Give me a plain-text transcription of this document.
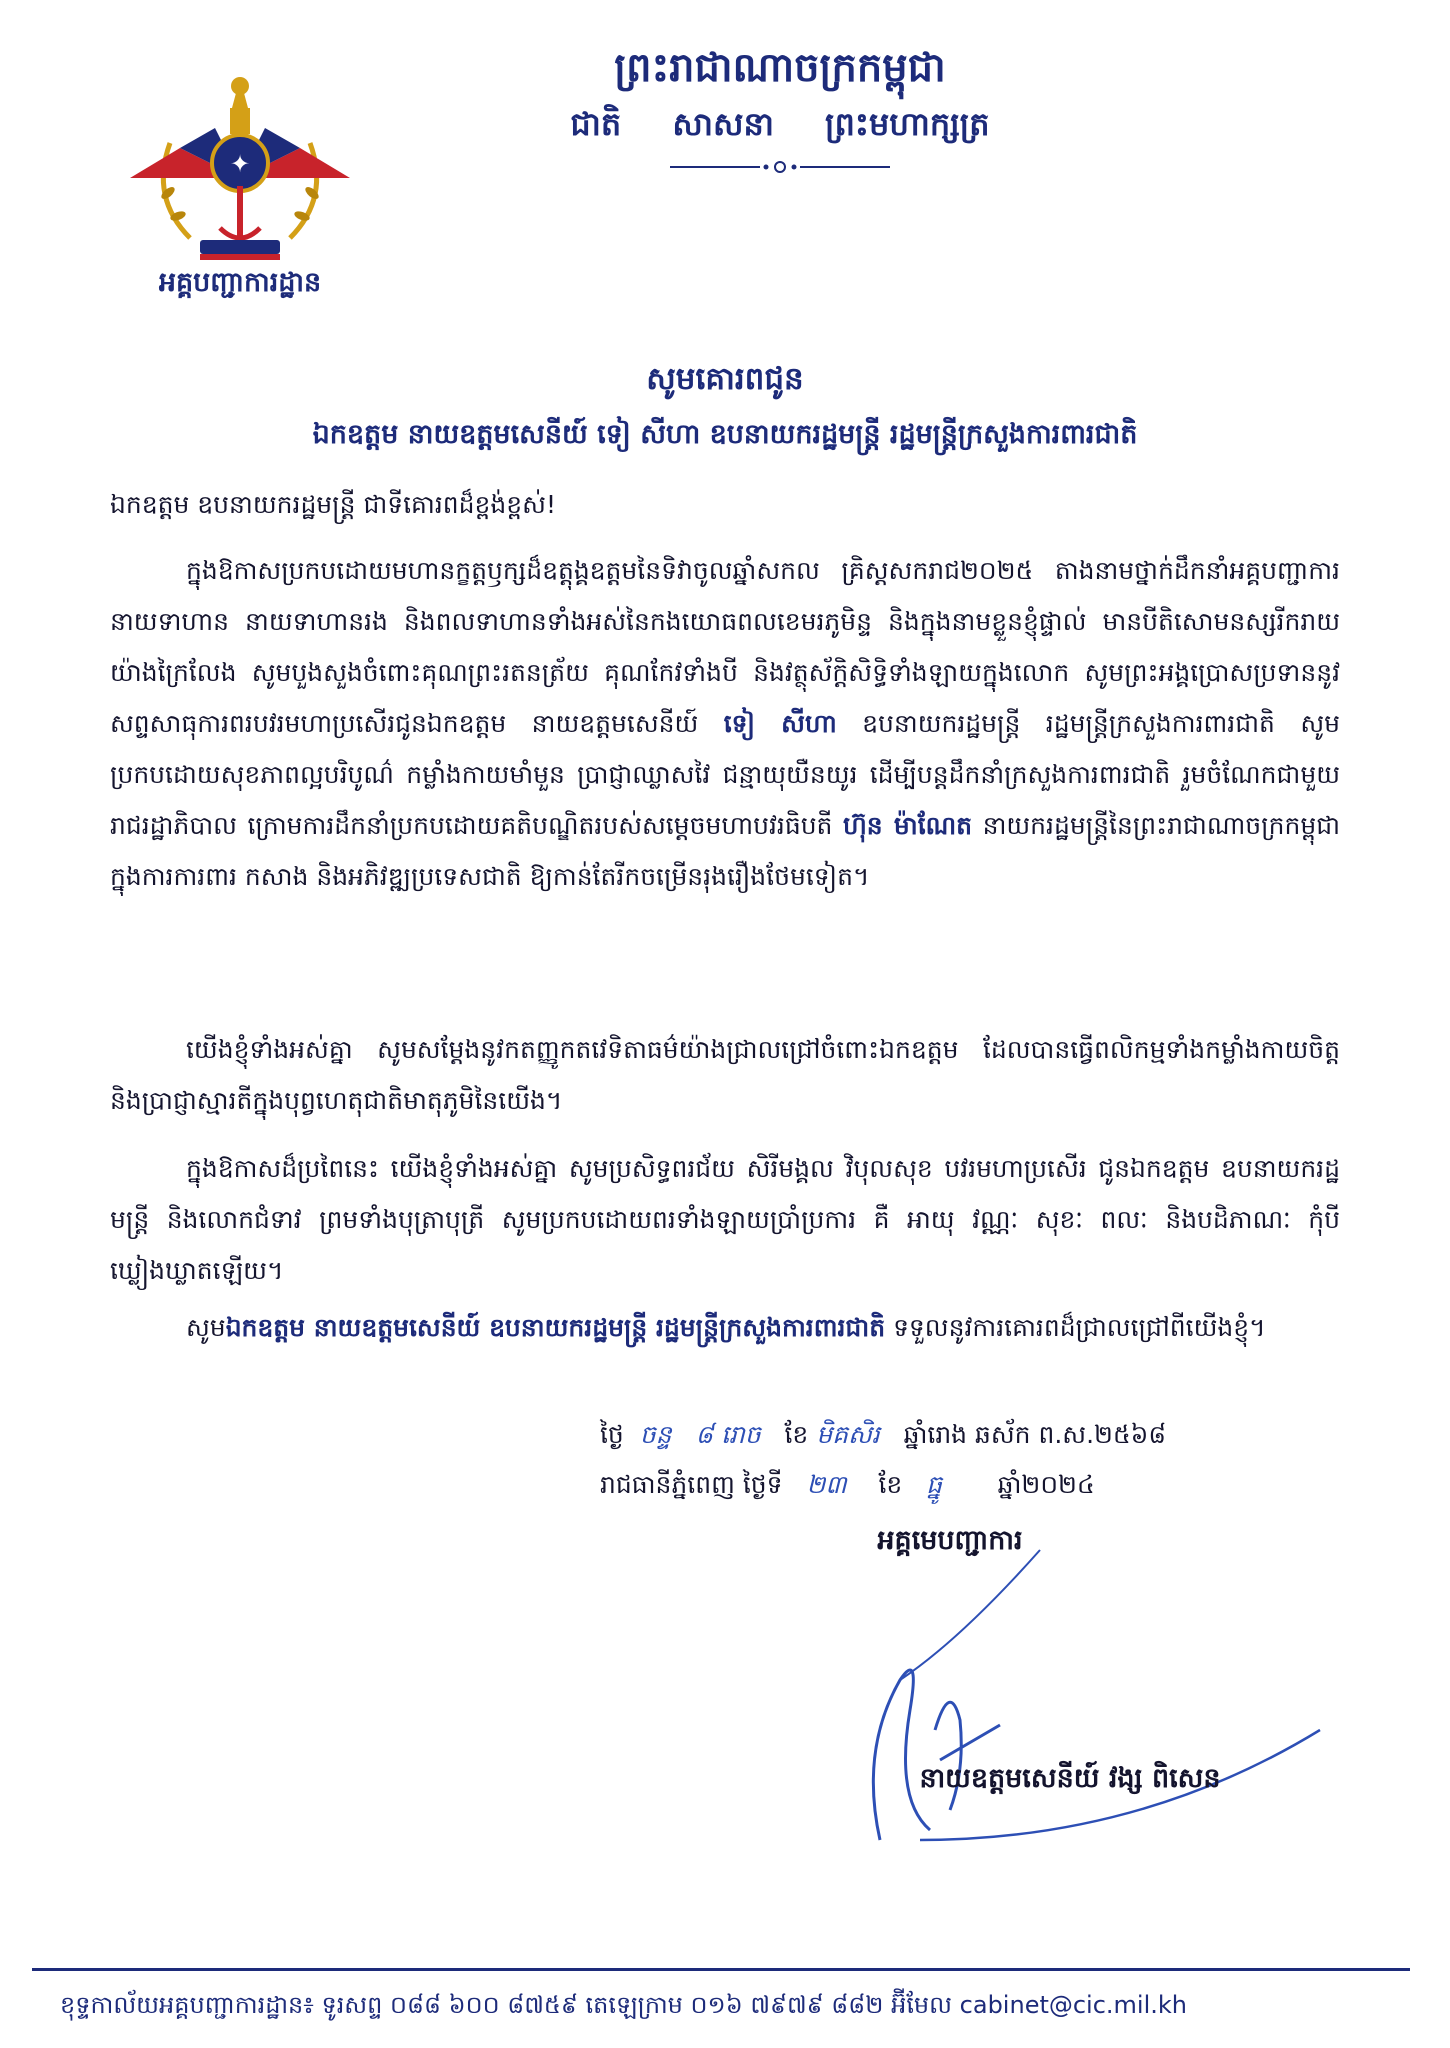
✦
អគ្គបញ្ជាការដ្ឋាន
ព្រះរាជាណាចក្រកម្ពុជា
ជាតិ សាសនា ព្រះមហាក្សត្រ
សូមគោរពជូន
ឯកឧត្តម នាយឧត្តមសេនីយ៍ ទៀ សីហា ឧបនាយករដ្ឋមន្ត្រី រដ្ឋមន្ត្រីក្រសួងការពារជាតិ
ឯកឧត្តម ឧបនាយករដ្ឋមន្ត្រី ជាទីគោរពដ៏ខ្ពង់ខ្ពស់!
ក្នុងឱកាសប្រកបដោយមហានក្ខត្តឫក្សដ៏ឧត្តុង្គឧត្តមនៃទិវាចូលឆ្នាំសកល គ្រិស្តសករាជ២០២៥ តាងនាមថ្នាក់ដឹកនាំអគ្គបញ្ជាការ នាយទាហាន នាយទាហានរង និងពលទាហានទាំងអស់នៃកងយោធពលខេមរភូមិន្ទ និងក្នុងនាមខ្លួនខ្ញុំផ្ទាល់ មានបីតិសោមនស្សរីករាយយ៉ាងក្រៃលែង សូមបួងសួងចំពោះគុណព្រះរតនត្រ័យ គុណកែវទាំងបី និងវត្ថុស័ក្តិសិទ្ធិទាំងឡាយក្នុងលោក សូមព្រះអង្គប្រោសប្រទាននូវសព្ទសាធុការពរបវរមហាប្រសើរជូនឯកឧត្តម នាយឧត្តមសេនីយ៍ ទៀ សីហា ឧបនាយករដ្ឋមន្ត្រី រដ្ឋមន្ត្រីក្រសួងការពារជាតិ សូមប្រកបដោយសុខភាពល្អបរិបូណ៌ កម្លាំងកាយមាំមួន ប្រាជ្ញាឈ្លាសវៃ ជន្មាយុយឺនយូរ ដើម្បីបន្តដឹកនាំក្រសួងការពារជាតិ រួមចំណែកជាមួយរាជរដ្ឋាភិបាល ក្រោមការដឹកនាំប្រកបដោយគតិបណ្ឌិតរបស់សម្តេចមហាបវរធិបតី ហ៊ុន ម៉ាណែត នាយករដ្ឋមន្ត្រីនៃព្រះរាជាណាចក្រកម្ពុជា ក្នុងការការពារ កសាង និងអភិវឌ្ឍប្រទេសជាតិ ឱ្យកាន់តែរីកចម្រើនរុងរឿងថែមទៀត។
យើងខ្ញុំទាំងអស់គ្នា សូមសម្តែងនូវកតញ្ញូកតវេទិតាធម៌យ៉ាងជ្រាលជ្រៅចំពោះឯកឧត្តម ដែលបានធ្វើពលិកម្មទាំងកម្លាំងកាយចិត្ត និងប្រាជ្ញាស្មារតីក្នុងបុព្វហេតុជាតិមាតុភូមិនៃយើង។
ក្នុងឱកាសដ៏ប្រពៃនេះ យើងខ្ញុំទាំងអស់គ្នា សូមប្រសិទ្ធពរជ័យ សិរីមង្គល វិបុលសុខ បវរមហាប្រសើរ ជូនឯកឧត្តម ឧបនាយករដ្ឋមន្ត្រី និងលោកជំទាវ ព្រមទាំងបុត្រាបុត្រី សូមប្រកបដោយពរទាំងឡាយប្រាំប្រការ គឺ អាយុ វណ្ណៈ សុខៈ ពលៈ និងបដិភាណៈ កុំបីឃ្លៀងឃ្លាតឡើយ។
សូមឯកឧត្តម នាយឧត្តមសេនីយ៍ ឧបនាយករដ្ឋមន្ត្រី រដ្ឋមន្ត្រីក្រសួងការពារជាតិ ទទួលនូវការគោរពដ៏ជ្រាលជ្រៅពីយើងខ្ញុំ។
ថ្ងៃ ចន្ទ ៨ រោច ខែ មិគសិរ ឆ្នាំរោង ឆស័ក ព.ស.២៥៦៨
រាជធានីភ្នំពេញ ថ្ងៃទី ២៣ ខែ ធ្នូ ឆ្នាំ២០២៤
អគ្គមេបញ្ជាការ
នាយឧត្តមសេនីយ៍ វង្ស ពិសេន
ខុទ្ទកាល័យអគ្គបញ្ជាការដ្ឋាន៖ ទូរសព្ទ ០៨៨ ៦០០ ៨៧៥៩ តេឡេក្រាម ០១៦ ៧៩៧៩ ៨៨២ អ៊ីមែល cabinet@cic.mil.kh
